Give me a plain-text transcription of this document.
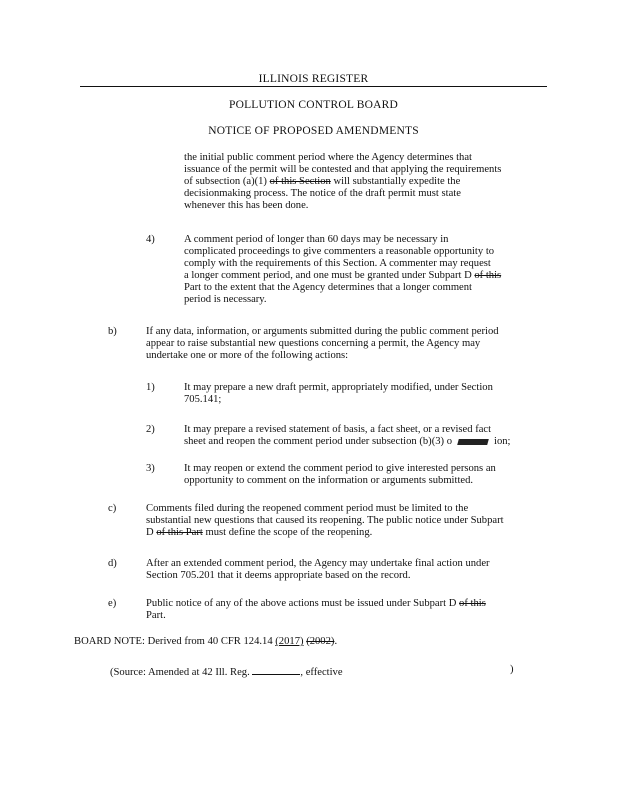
ILLINOIS REGISTER
POLLUTION CONTROL BOARD
NOTICE OF PROPOSED AMENDMENTS
the initial public comment period where the Agency determines that
issuance of the permit will be contested and that applying the requirements
of subsection (a)(1) of this Section will substantially expedite the
decisionmaking process. The notice of the draft permit must state
whenever this has been done.
4)	A comment period of longer than 60 days may be necessary in
complicated proceedings to give commenters a reasonable opportunity to
comply with the requirements of this Section. A commenter may request
a longer comment period, and one must be granted under Subpart D of this
Part to the extent that the Agency determines that a longer comment
period is necessary.
b)	If any data, information, or arguments submitted during the public comment period
appear to raise substantial new questions concerning a permit, the Agency may
undertake one or more of the following actions:
1)	It may prepare a new draft permit, appropriately modified, under Section
705.141;
2)	It may prepare a revised statement of basis, a fact sheet, or a revised fact
sheet and reopen the comment period under subsection (b)(3) o	ion;
3)	It may reopen or extend the comment period to give interested persons an
opportunity to comment on the information or arguments submitted.
c)	Comments filed during the reopened comment period must be limited to the
substantial new questions that caused its reopening. The public notice under Subpart
D of this Part must define the scope of the reopening.
d)	After an extended comment period, the Agency may undertake final action under
Section 705.201 that it deems appropriate based on the record.
e)	Public notice of any of the above actions must be issued under Subpart D of this
Part.
BOARD NOTE: Derived from 40 CFR 124.14 (2017) (2002).
(Source: Amended at 42 Ill. Reg.	, effective	)
